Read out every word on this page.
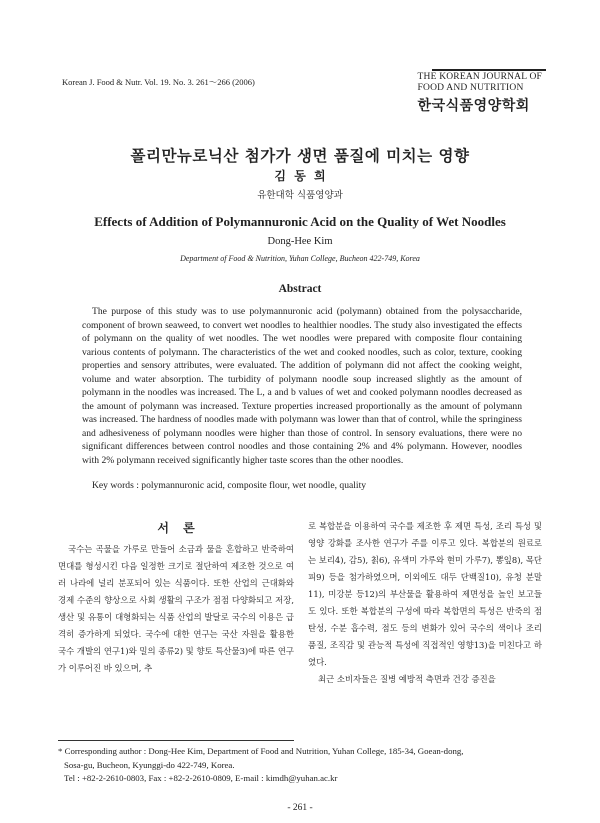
Korean J. Food & Nutr. Vol. 19. No. 3. 261～266 (2006)	THE KOREAN JOURNAL OF
FOOD AND NUTRITION
한국식품영양학회
폴리만뉴로닉산 첨가가 생면 품질에 미치는 영향
김 동 희
유한대학 식품영양과
Effects of Addition of Polymannuronic Acid on the Quality of Wet Noodles
Dong-Hee Kim
Department of Food & Nutrition, Yuhan College, Bucheon 422-749, Korea
Abstract

The purpose of this study was to use polymannuronic acid (polymann) obtained from the polysaccharide, component of brown seaweed, to convert wet noodles to healthier noodles. The study also investigated the effects of polymann on the quality of wet noodles. The wet noodles were prepared with composite flour containing various contents of polymann. The characteristics of the wet and cooked noodles, such as color, texture, cooking properties and sensory attributes, were evaluated. The addition of polymann did not affect the cooking weight, volume and water absorption. The turbidity of polymann noodle soup increased slightly as the amount of polymann in the noodles was increased. The L, a and b values of wet and cooked polymann noodles decreased as the amount of polymann was increased. Texture properties increased proportionally as the amount of polymann was increased. The hardness of noodles made with polymann was lower than that of control, while the springiness and adhesiveness of polymann noodles were higher than those of control. In sensory evaluations, there were no significant differences between control noodles and those containing 2% and 4% polymann. However, noodles with 2% polymann received significantly higher taste scores than the other noodles.

Key words : polymannuronic acid, composite flour, wet noodle, quality
서 론

국수는 곡물을 가루로 만들어 소금과 물을 혼합하고 반죽하여 면대를 형성시킨 다음 일정한 크기로 절단하여 제조한 것으로 여러 나라에 널리 분포되어 있는 식품이다. 또한 산업의 근대화와 경제 수준의 향상으로 사회 생활의 구조가 점점 다양화되고 저장, 생산 및 유통이 대형화되는 식품 산업의 발달로 국수의 이용은 급격히 증가하게 되었다. 국수에 대한 연구는 국산 자원을 활용한 국수 개발의 연구1)와 밀의 종류2) 및 향토 특산물3)에 따른 연구가 이루어진 바 있으며, 추

로 복합분을 이용하여 국수를 제조한 후 제면 특성, 조리 특성 및 영양 강화를 조사한 연구가 주를 이루고 있다. 복합분의 원료로는 보리4), 감5), 칡6), 유색미 가루와 현미 가루7), 뽕잎8), 목단피9) 등을 첨가하였으며, 이외에도 대두 단백질10), 유청 분말11), 미강분 등12)의 부산물을 활용하여 제면성을 높인 보고들도 있다. 또한 복합분의 구성에 따라 복합면의 특성은 반죽의 점탄성, 수분 흡수력, 점도 등의 변화가 있어 국수의 색이나 조리 품질, 조직감 및 관능적 특성에 직접적인 영향13)을 미친다고 하였다.

최근 소비자들은 질병 예방적 측면과 건강 증진을

* Corresponding author : Dong-Hee Kim, Department of Food and Nutrition, Yuhan College, 185-34, Goean-dong,
Sosa-gu, Bucheon, Kyunggi-do 422-749, Korea.
Tel : +82-2-2610-0803, Fax : +82-2-2610-0809, E-mail : kimdh@yuhan.ac.kr
- 261 -
